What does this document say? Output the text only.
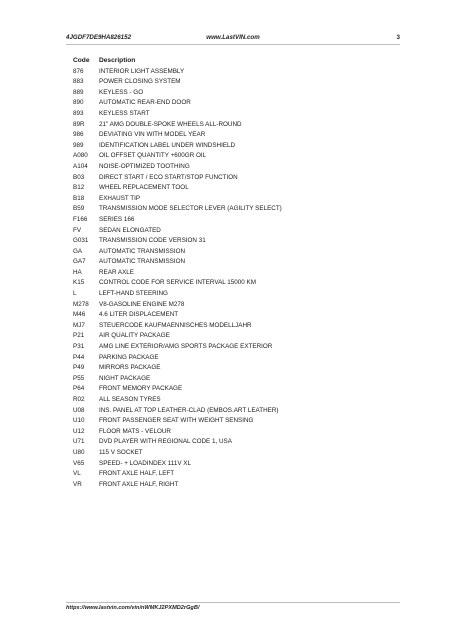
4JGDF7DE9HA826152	www.LastVIN.com	3
Code	Description
876	INTERIOR LIGHT ASSEMBLY
883	POWER CLOSING SYSTEM
889	KEYLESS - GO
890	AUTOMATIC REAR-END DOOR
893	KEYLESS START
89R	21" AMG DOUBLE-SPOKE WHEELS ALL-ROUND
986	DEVIATING VIN WITH MODEL YEAR
989	IDENTIFICATION LABEL UNDER WINDSHIELD
A080	OIL OFFSET QUANTITY +600GR OIL
A104	NOISE-OPTIMIZED TOOTHING
B03	DIRECT START / ECO START/STOP FUNCTION
B12	WHEEL REPLACEMENT TOOL
B18	EXHAUST TIP
B59	TRANSMISSION MODE SELECTOR LEVER (AGILITY SELECT)
F166	SERIES 166
FV	SEDAN ELONGATED
G031	TRANSMISSION CODE VERSION 31
GA	AUTOMATIC TRANSMISSION
GA7	AUTOMATIC TRANSMISSION
HA	REAR AXLE
K15	CONTROL CODE FOR SERVICE INTERVAL 15000 KM
L	LEFT-HAND STEERING
M278	V8-GASOLINE ENGINE M278
M46	4.6 LITER DISPLACEMENT
MJ7	STEUERCODE KAUFMAENNISCHES MODELLJAHR
P21	AIR QUALITY PACKAGE
P31	AMG LINE EXTERIOR/AMG SPORTS PACKAGE EXTERIOR
P44	PARKING PACKAGE
P49	MIRRORS PACKAGE
P55	NIGHT PACKAGE
P64	FRONT MEMORY PACKAGE
R02	ALL SEASON TYRES
U08	INS. PANEL AT TOP LEATHER-CLAD (EMBOS.ART LEATHER)
U10	FRONT PASSENGER SEAT WITH WEIGHT SENSING
U12	FLOOR MATS - VELOUR
U71	DVD PLAYER WITH REGIONAL CODE 1, USA
U80	115 V SOCKET
V65	SPEED- + LOADINDEX 111V XL
VL	FRONT AXLE HALF, LEFT
VR	FRONT AXLE HALF, RIGHT
https://www.lastvin.com/vin/nWMKJ2PXMD2rGgB/
